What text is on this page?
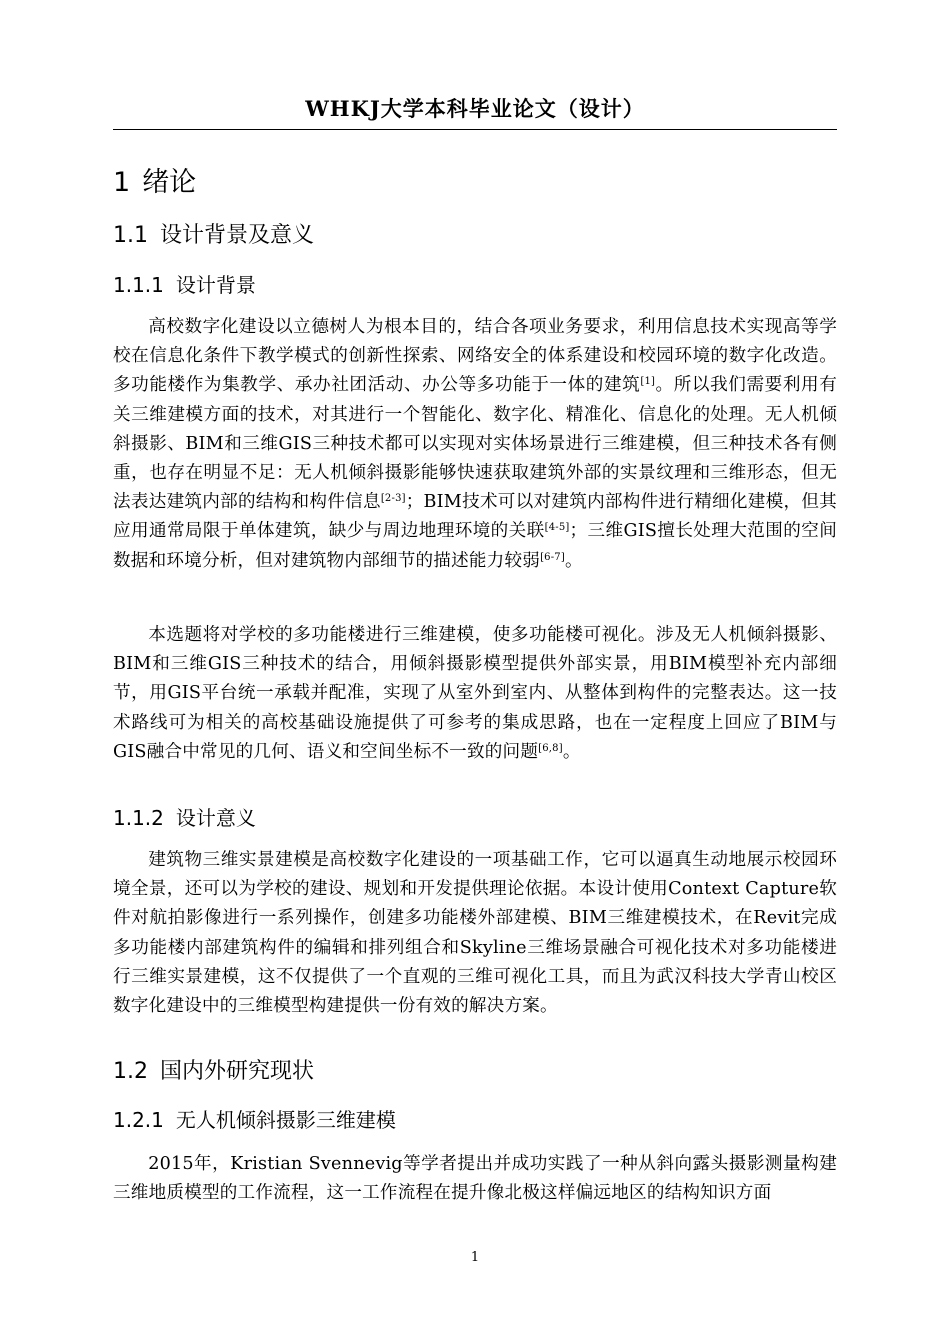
WHKJ大学本科毕业论文（设计）
1 绪论
1.1 设计背景及意义
1.1.1 设计背景

高校数字化建设以立德树人为根本目的，结合各项业务要求，利用信息技术实现高等学校在信息化条件下教学模式的创新性探索、网络安全的体系建设和校园环境的数字化改造。多功能楼作为集教学、承办社团活动、办公等多功能于一体的建筑[1]。所以我们需要利用有关三维建模方面的技术，对其进行一个智能化、数字化、精准化、信息化的处理。无人机倾斜摄影、BIM和三维GIS三种技术都可以实现对实体场景进行三维建模，但三种技术各有侧重，也存在明显不足：无人机倾斜摄影能够快速获取建筑外部的实景纹理和三维形态，但无法表达建筑内部的结构和构件信息[2-3]；BIM技术可以对建筑内部构件进行精细化建模，但其应用通常局限于单体建筑，缺少与周边地理环境的关联[4-5]；三维GIS擅长处理大范围的空间数据和环境分析，但对建筑物内部细节的描述能力较弱[6-7]。

本选题将对学校的多功能楼进行三维建模，使多功能楼可视化。涉及无人机倾斜摄影、BIM和三维GIS三种技术的结合，用倾斜摄影模型提供外部实景，用BIM模型补充内部细节，用GIS平台统一承载并配准，实现了从室外到室内、从整体到构件的完整表达。这一技术路线可为相关的高校基础设施提供了可参考的集成思路，也在一定程度上回应了BIM与GIS融合中常见的几何、语义和空间坐标不一致的问题[6,8]。

1.1.2 设计意义

建筑物三维实景建模是高校数字化建设的一项基础工作，它可以逼真生动地展示校园环境全景，还可以为学校的建设、规划和开发提供理论依据。本设计使用Context Capture软件对航拍影像进行一系列操作，创建多功能楼外部建模、BIM三维建模技术，在Revit完成多功能楼内部建筑构件的编辑和排列组合和Skyline三维场景融合可视化技术对多功能楼进行三维实景建模，这不仅提供了一个直观的三维可视化工具，而且为武汉科技大学青山校区数字化建设中的三维模型构建提供一份有效的解决方案。

1.2 国内外研究现状
1.2.1 无人机倾斜摄影三维建模

2015年，Kristian Svennevig等学者提出并成功实践了一种从斜向露头摄影测量构建三维地质模型的工作流程，这一工作流程在提升像北极这样偏远地区的结构知识方面

1
